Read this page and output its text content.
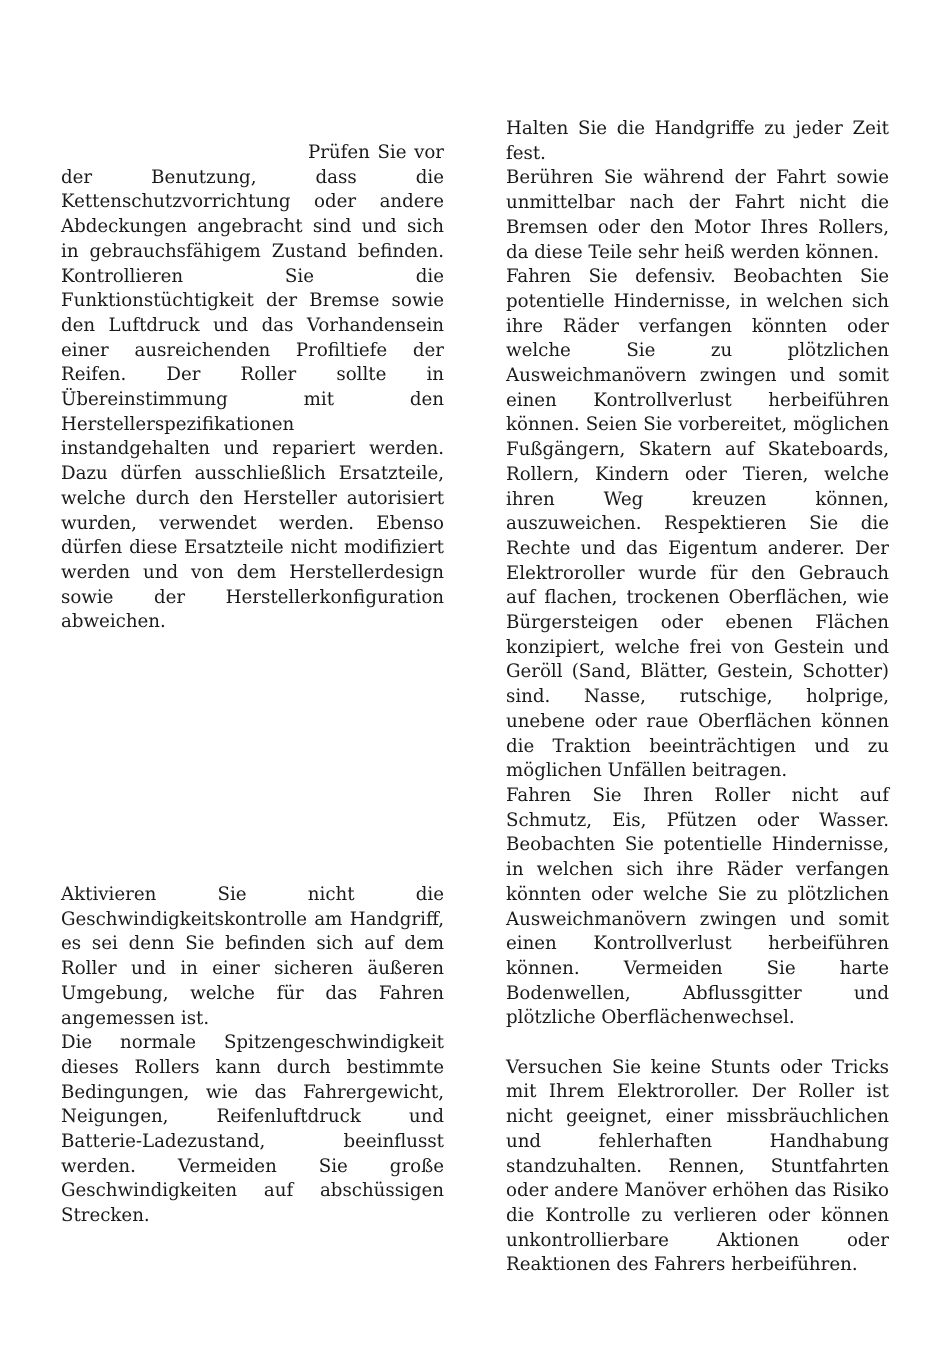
Prüfen Sie vor der Benutzung, dass die Kettenschutzvorrichtung oder andere Abdeckungen angebracht sind und sich in gebrauchsfähigem Zustand befinden. Kontrollieren Sie die Funktionstüchtigkeit der Bremse sowie den Luftdruck und das Vorhandensein einer ausreichenden Profiltiefe der Reifen. Der Roller sollte in Übereinstimmung mit den Herstellerspezifikationen instandgehalten und repariert werden. Dazu dürfen ausschließlich Ersatzteile, welche durch den Hersteller autorisiert wurden, verwendet werden. Ebenso dürfen diese Ersatzteile nicht modifiziert werden und von dem Herstellerdesign sowie der Herstellerkonfiguration abweichen.

Aktivieren Sie nicht die Geschwindigkeitskontrolle am Handgriff, es sei denn Sie befinden sich auf dem Roller und in einer sicheren äußeren Umgebung, welche für das Fahren angemessen ist.

Die normale Spitzengeschwindigkeit dieses Rollers kann durch bestimmte Bedingungen, wie das Fahrergewicht, Neigungen, Reifenluftdruck und Batterie-Ladezustand, beeinflusst werden. Vermeiden Sie große Geschwindigkeiten auf abschüssigen Strecken.

Halten Sie die Handgriffe zu jeder Zeit fest.

Berühren Sie während der Fahrt sowie unmittelbar nach der Fahrt nicht die Bremsen oder den Motor Ihres Rollers, da diese Teile sehr heiß werden können.

Fahren Sie defensiv. Beobachten Sie potentielle Hindernisse, in welchen sich ihre Räder verfangen könnten oder welche Sie zu plötzlichen Ausweichmanövern zwingen und somit einen Kontrollverlust herbeiführen können. Seien Sie vorbereitet, möglichen Fußgängern, Skatern auf Skateboards, Rollern, Kindern oder Tieren, welche ihren Weg kreuzen können, auszuweichen. Respektieren Sie die Rechte und das Eigentum anderer. Der Elektroroller wurde für den Gebrauch auf flachen, trockenen Oberflächen, wie Bürgersteigen oder ebenen Flächen konzipiert, welche frei von Gestein und Geröll (Sand, Blätter, Gestein, Schotter) sind. Nasse, rutschige, holprige, unebene oder raue Oberflächen können die Traktion beeinträchtigen und zu möglichen Unfällen beitragen.

Fahren Sie Ihren Roller nicht auf Schmutz, Eis, Pfützen oder Wasser. Beobachten Sie potentielle Hindernisse, in welchen sich ihre Räder verfangen könnten oder welche Sie zu plötzlichen Ausweichmanövern zwingen und somit einen Kontrollverlust herbeiführen können. Vermeiden Sie harte Bodenwellen, Abflussgitter und plötzliche Oberflächenwechsel.

Versuchen Sie keine Stunts oder Tricks mit Ihrem Elektroroller. Der Roller ist nicht geeignet, einer missbräuchlichen und fehlerhaften Handhabung standzuhalten. Rennen, Stuntfahrten oder andere Manöver erhöhen das Risiko die Kontrolle zu verlieren oder können unkontrollierbare Aktionen oder Reaktionen des Fahrers herbeiführen.
